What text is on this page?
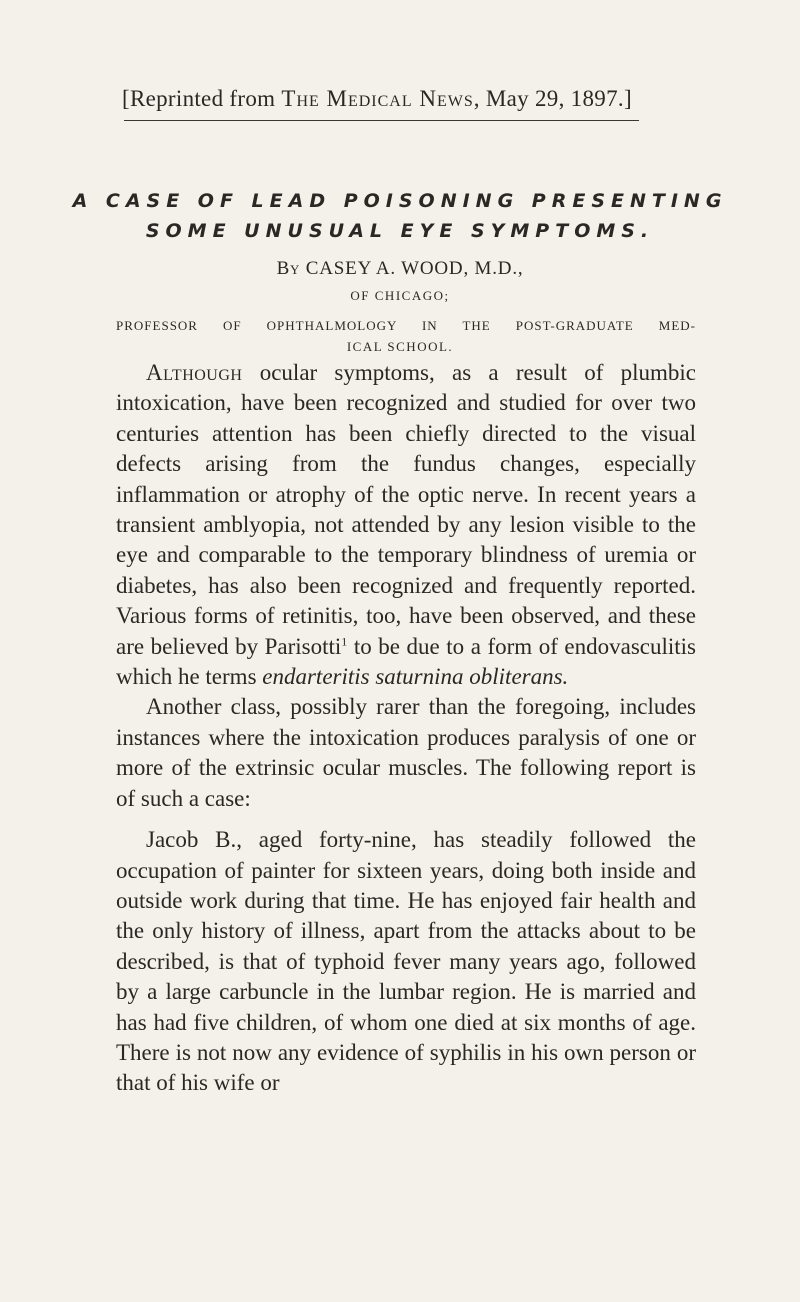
[Reprinted from The Medical News, May 29, 1897.]
A CASE OF LEAD POISONING PRESENTING
SOME UNUSUAL EYE SYMPTOMS.
By CASEY A. WOOD, M.D.,
OF CHICAGO;
PROFESSOR OF OPHTHALMOLOGY IN THE POST-GRADUATE MED-
ICAL SCHOOL.

Although ocular symptoms, as a result of plumbic intoxication, have been recognized and studied for over two centuries attention has been chiefly directed to the visual defects arising from the fundus changes, especially inflammation or atrophy of the optic nerve. In recent years a transient amblyopia, not attended by any lesion visible to the eye and comparable to the temporary blindness of uremia or diabetes, has also been recognized and frequently reported. Various forms of retinitis, too, have been observed, and these are believed by Parisotti$^1$ to be due to a form of endovasculitis which he terms endarteritis saturnina obliterans.

Another class, possibly rarer than the foregoing, includes instances where the intoxication produces paralysis of one or more of the extrinsic ocular muscles. The following report is of such a case:

Jacob B., aged forty-nine, has steadily followed the occupation of painter for sixteen years, doing both inside and outside work during that time. He has enjoyed fair health and the only history of illness, apart from the attacks about to be described, is that of typhoid fever many years ago, followed by a large carbuncle in the lumbar region. He is married and has had five children, of whom one died at six months of age. There is not now any evidence of syphilis in his own person or that of his wife or
